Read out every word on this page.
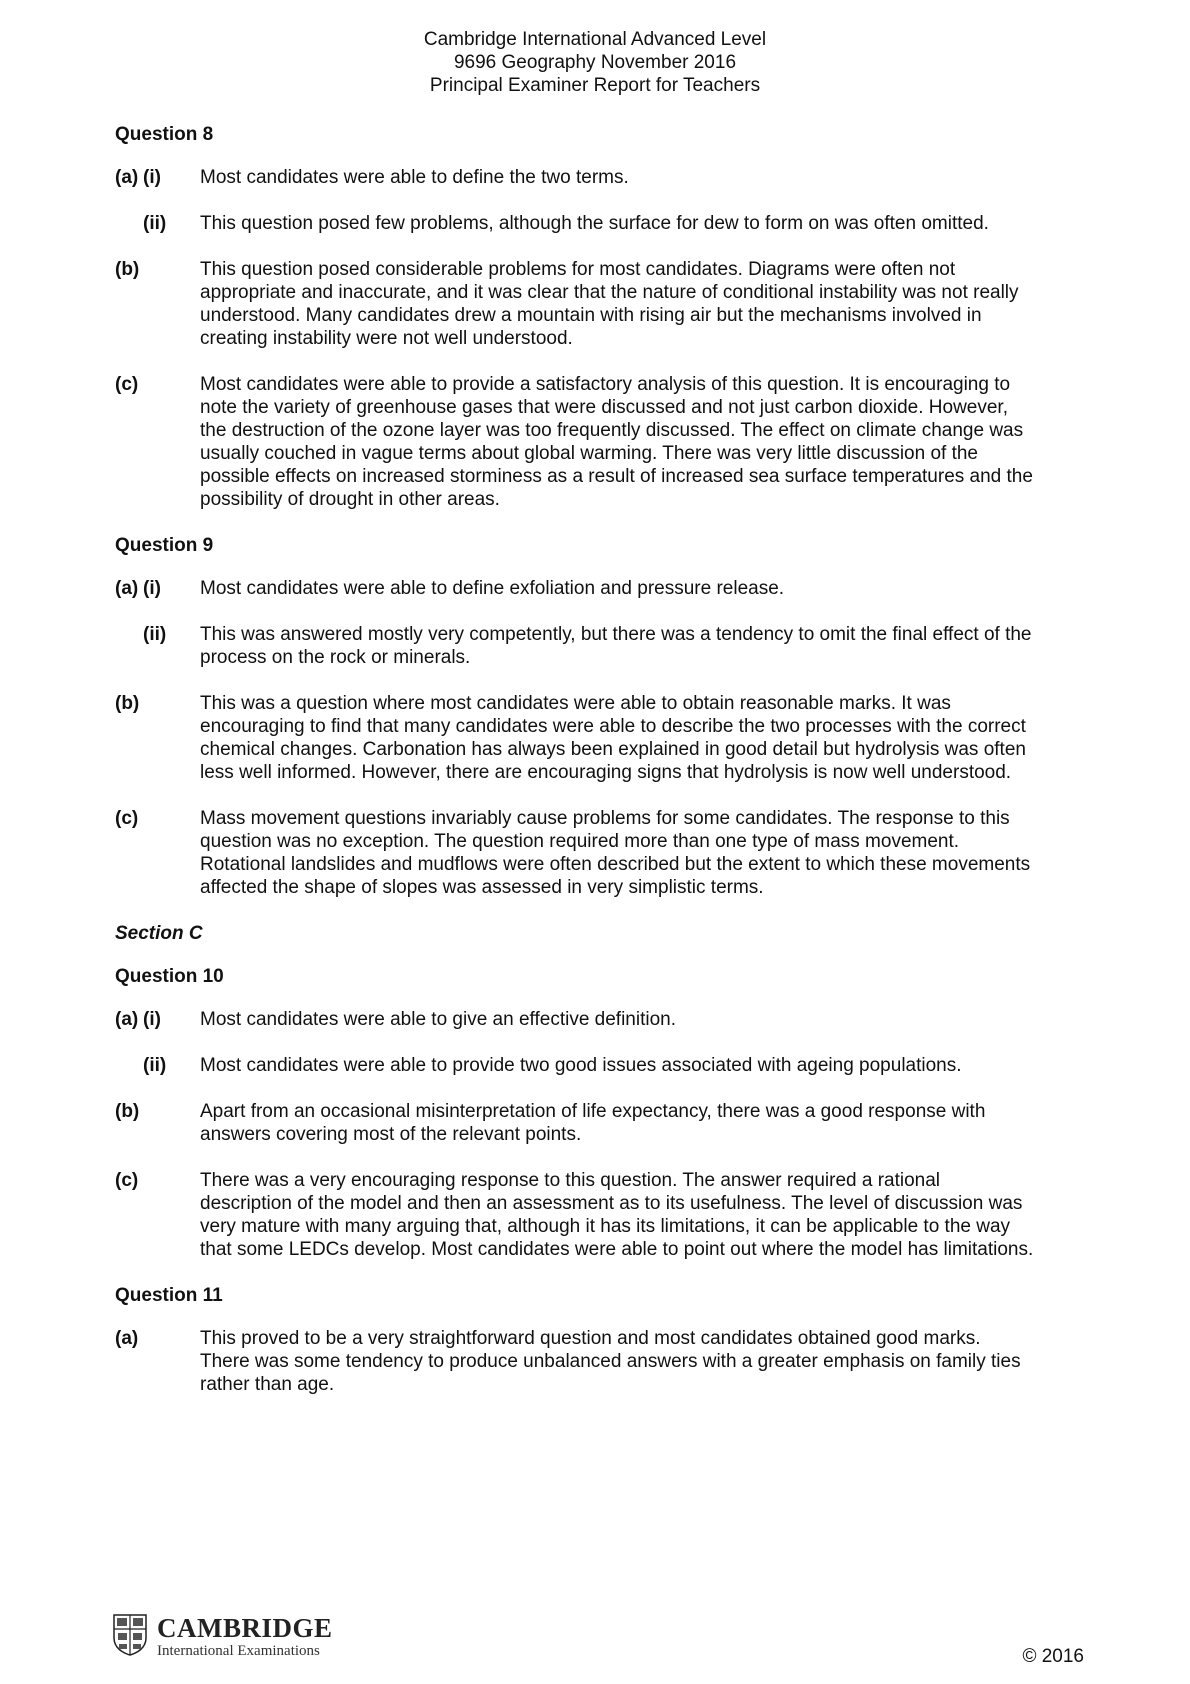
Cambridge International Advanced Level
9696 Geography November 2016
Principal Examiner Report for Teachers
Question 8
(a) (i) Most candidates were able to define the two terms.
(ii) This question posed few problems, although the surface for dew to form on was often omitted.
(b)	This question posed considerable problems for most candidates. Diagrams were often not
appropriate and inaccurate, and it was clear that the nature of conditional instability was not really
understood. Many candidates drew a mountain with rising air but the mechanisms involved in
creating instability were not well understood.
(c)	Most candidates were able to provide a satisfactory analysis of this question. It is encouraging to
note the variety of greenhouse gases that were discussed and not just carbon dioxide. However,
the destruction of the ozone layer was too frequently discussed. The effect on climate change was
usually couched in vague terms about global warming. There was very little discussion of the
possible effects on increased storminess as a result of increased sea surface temperatures and the
possibility of drought in other areas.
Question 9
(a) (i) Most candidates were able to define exfoliation and pressure release.
(ii) This was answered mostly very competently, but there was a tendency to omit the final effect of the
process on the rock or minerals.
(b)	This was a question where most candidates were able to obtain reasonable marks. It was
encouraging to find that many candidates were able to describe the two processes with the correct
chemical changes. Carbonation has always been explained in good detail but hydrolysis was often
less well informed. However, there are encouraging signs that hydrolysis is now well understood.
(c)	Mass movement questions invariably cause problems for some candidates. The response to this
question was no exception. The question required more than one type of mass movement.
Rotational landslides and mudflows were often described but the extent to which these movements
affected the shape of slopes was assessed in very simplistic terms.
Section C
Question 10
(a) (i) Most candidates were able to give an effective definition.
(ii) Most candidates were able to provide two good issues associated with ageing populations.
(b)	Apart from an occasional misinterpretation of life expectancy, there was a good response with
answers covering most of the relevant points.
(c)	There was a very encouraging response to this question. The answer required a rational
description of the model and then an assessment as to its usefulness. The level of discussion was
very mature with many arguing that, although it has its limitations, it can be applicable to the way
that some LEDCs develop. Most candidates were able to point out where the model has limitations.
Question 11
(a)	This proved to be a very straightforward question and most candidates obtained good marks.
There was some tendency to produce unbalanced answers with a greater emphasis on family ties
rather than age.
CAMBRIDGE
International Examinations	© 2016
